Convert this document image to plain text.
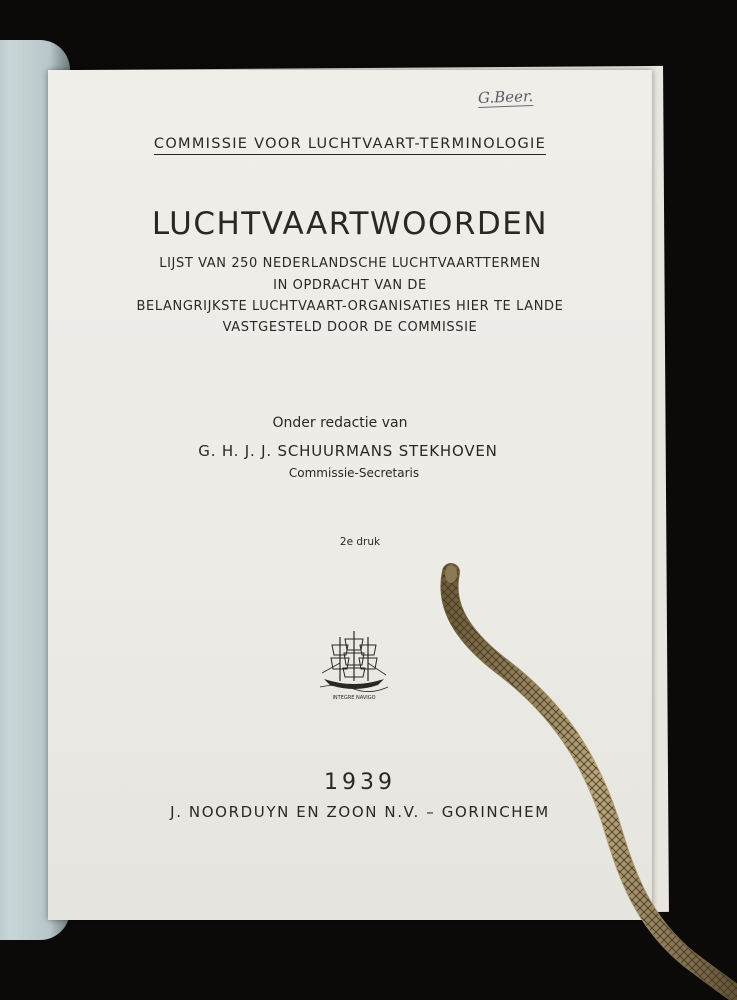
G.Beer.
COMMISSIE VOOR LUCHTVAART-TERMINOLOGIE
LUCHTVAARTWOORDEN
LIJST VAN 250 NEDERLANDSCHE LUCHTVAARTTERMEN
IN OPDRACHT VAN DE
BELANGRIJKSTE LUCHTVAART-ORGANISATIES HIER TE LANDE
VASTGESTELD DOOR DE COMMISSIE
Onder redactie van
G. H. J. J. SCHUURMANS STEKHOVEN
Commissie-Secretaris
2e druk
INTEGRE NAVIGO
1939
J. NOORDUYN EN ZOON N.V. – GORINCHEM
